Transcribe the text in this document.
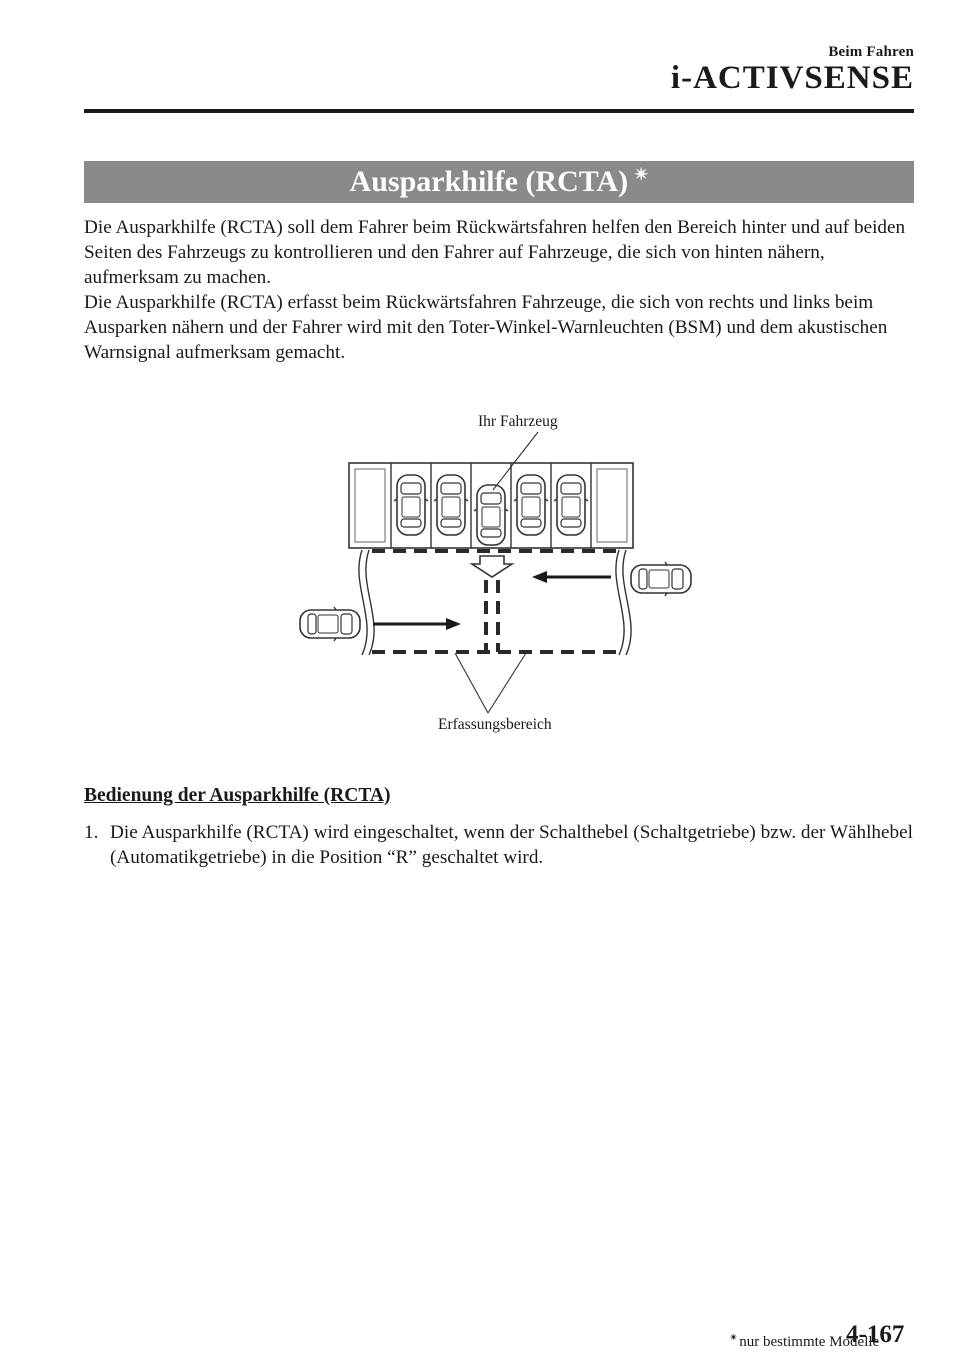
Beim Fahren
i-ACTIVSENSE
Ausparkhilfe (RCTA) ✴

Die Ausparkhilfe (RCTA) soll dem Fahrer beim Rückwärtsfahren helfen den Bereich hinter und auf beiden Seiten des Fahrzeugs zu kontrollieren und den Fahrer auf Fahrzeuge, die sich von hinten nähern, aufmerksam zu machen.

Die Ausparkhilfe (RCTA) erfasst beim Rückwärtsfahren Fahrzeuge, die sich von rechts und links beim Ausparken nähern und der Fahrer wird mit den Toter-Winkel-Warnleuchten (BSM) und dem akustischen Warnsignal aufmerksam gemacht.

Ihr Fahrzeug
Erfassungsbereich
Bedienung der Ausparkhilfe (RCTA)
1. Die Ausparkhilfe (RCTA) wird eingeschaltet, wenn der Schalthebel (Schaltgetriebe) bzw. der Wählhebel (Automatikgetriebe) in die Position “R” geschaltet wird.
✴nur bestimmte Modelle
4-167
